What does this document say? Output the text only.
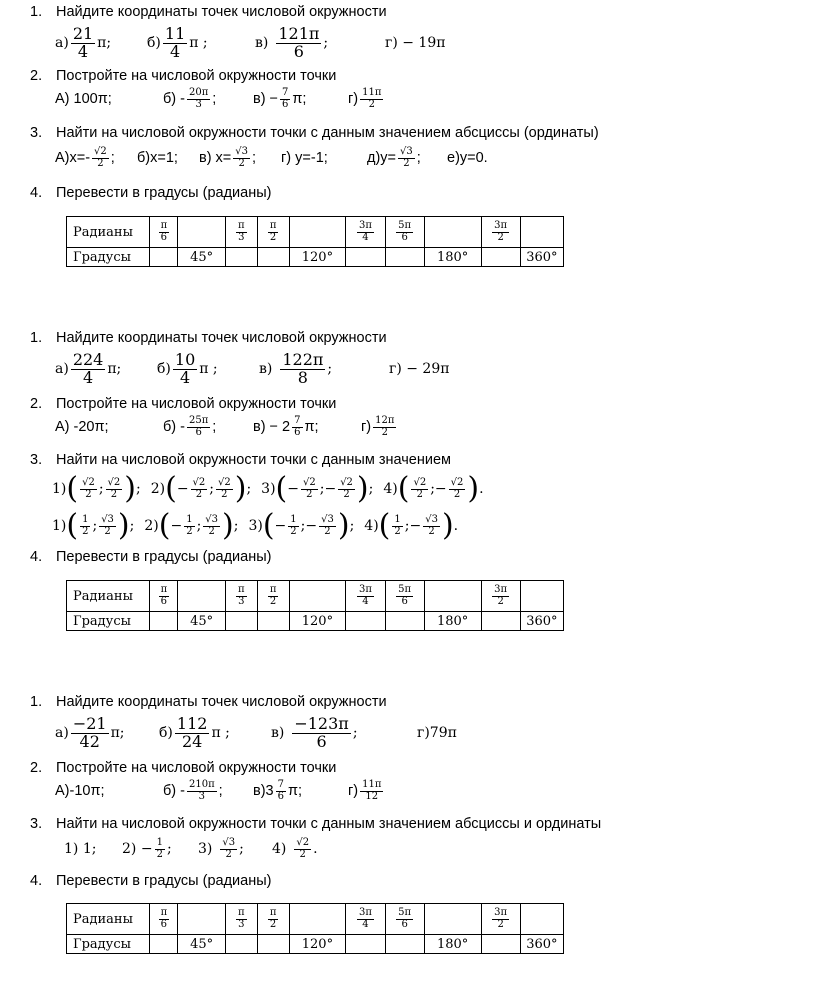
1. Найдите координаты точек числовой окружности
$а) \frac{21}{4} \pi$;	$б) \frac{11}{4}$ π ;	$в) \frac{121\pi}{6}$ ;	г)
− 19π
2. Постройте на числовой окружности точки
А) 100π;	$б) - \frac{20\pi}{3}$ ;	$в) - \frac{7}{6} \pi$;	$г) \frac{11\pi}{2}$
3. Найти на числовой окружности точки с данным значением абсциссы (ординаты)
$А)x=- \frac{√2}{2}$ ; б)x=1; в) $x= \frac{√3}{2}$ ; г) y=-1;	$д)y= \frac{√3}{2}$ ; е)y=0.
4. Перевести в градусы (радианы)
Радианы	$\frac{\pi}{6}$		$\frac{\pi}{3}$	$\frac{\pi}{2}$		$\frac{3\pi}{4}$	$\frac{5\pi}{6}$		$\frac{3\pi}{2}$

Градусы		45°			120°			180°		360°
1. Найдите координаты точек числовой окружности
$а) \frac{224}{4} \pi$;	$б) \frac{10}{4}$ π ;	$в) \frac{122\pi}{8}$ ;	г)
− 29π
2. Постройте на числовой окружности точки
А) -20π;	$б) - \frac{25\pi}{6}$ ;	$в) - 2 \frac{7}{6} \pi$;	$г) \frac{12\pi}{2}$
3. Найти на числовой окружности точки с данным значением
1) ( $\frac{√2}{2}$ ; $\frac{√2}{2}$ ) ; 2) ( − $\frac{√2}{2}$ ; $\frac{√2}{2}$ ) ; 3) ( − $\frac{√2}{2}$ ; − $\frac{√2}{2}$ ) ; 4) ( $\frac{√2}{2}$ ; − $\frac{√2}{2}$ ) .
1) ( $\frac{1}{2}$ ; $\frac{√3}{2}$ ) ; 2) ( − $\frac{1}{2}$ ; $\frac{√3}{2}$ ) ; 3) ( − $\frac{1}{2}$ ; − $\frac{√3}{2}$ ) ; 4) ( $\frac{1}{2}$ ; − $\frac{√3}{2}$ ) .
4. Перевести в градусы (радианы)
Радианы	$\frac{\pi}{6}$		$\frac{\pi}{3}$	$\frac{\pi}{2}$		$\frac{3\pi}{4}$	$\frac{5\pi}{6}$		$\frac{3\pi}{2}$

Градусы		45°			120°			180°		360°
1. Найдите координаты точек числовой окружности
$а) \frac{-21}{42} \pi$; $б) \frac{112}{24}$ π ;	$в) \frac{-123\pi}{6}$ ;	г)79π
2. Постройте на числовой окружности точки
А)-10π;	$б) - \frac{210\pi}{3}$ ; $в)3 \frac{7}{6} \pi$;	$г) \frac{11\pi}{12}$
3. Найти на числовой окружности точки с данным значением абсциссы и ординаты
1) 1; $2) - \frac{1}{2}$ ; $3) \frac{√3}{2}$ ; $4) \frac{√2}{2}$ .
4. Перевести в градусы (радианы)
Радианы	$\frac{\pi}{6}$		$\frac{\pi}{3}$	$\frac{\pi}{2}$		$\frac{3\pi}{4}$	$\frac{5\pi}{6}$		$\frac{3\pi}{2}$

Градусы		45°			120°			180°		360°
